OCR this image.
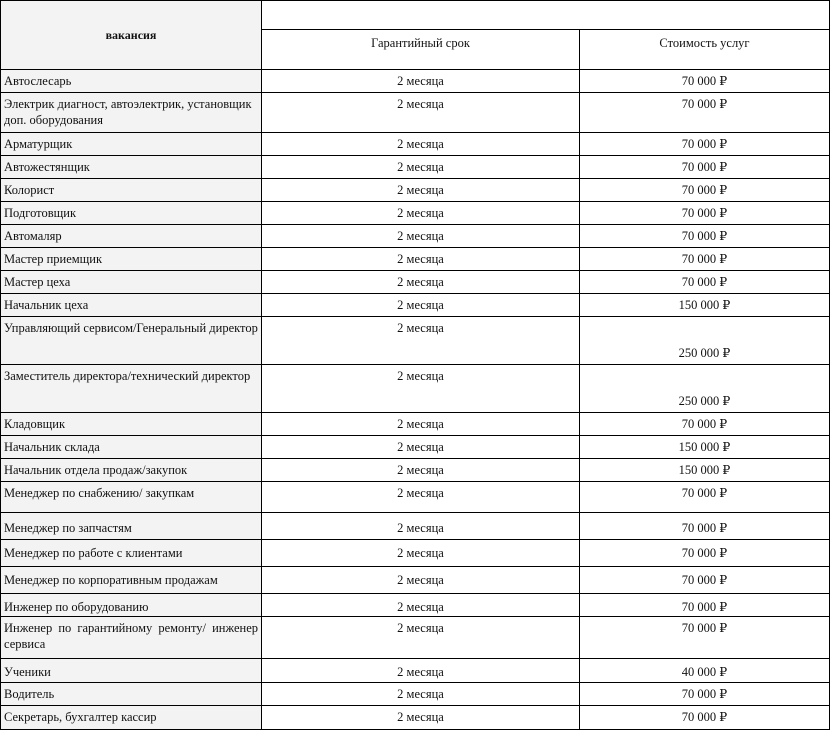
вакансия		
	Гарантийный срок	Стоимость услуг
Автослесарь	2 месяца	70 000 ₽
Электрик диагност, автоэлектрик, установщик доп. оборудования	2 месяца	70 000 ₽
Арматурщик	2 месяца	70 000 ₽
Автожестянщик	2 месяца	70 000 ₽
Колорист	2 месяца	70 000 ₽
Подготовщик	2 месяца	70 000 ₽
Автомаляр	2 месяца	70 000 ₽
Мастер приемщик	2 месяца	70 000 ₽
Мастер цеха	2 месяца	70 000 ₽
Начальник цеха	2 месяца	150 000 ₽
Управляющий сервисом/Генеральный директор	2 месяца	250 000 ₽
Заместитель директора/технический директор	2 месяца	250 000 ₽
Кладовщик	2 месяца	70 000 ₽
Начальник склада	2 месяца	150 000 ₽
Начальник отдела продаж/закупок	2 месяца	150 000 ₽
Менеджер по снабжению/ закупкам	2 месяца	70 000 ₽
Менеджер по запчастям	2 месяца	70 000 ₽
Менеджер по работе с клиентами	2 месяца	70 000 ₽
Менеджер по корпоративным продажам	2 месяца	70 000 ₽
Инженер по оборудованию	2 месяца	70 000 ₽
Инженер по гарантийному ремонту/ инженер сервиса	2 месяца	70 000 ₽
Ученики	2 месяца	40 000 ₽
Водитель	2 месяца	70 000 ₽
Секретарь, бухгалтер кассир	2 месяца	70 000 ₽
